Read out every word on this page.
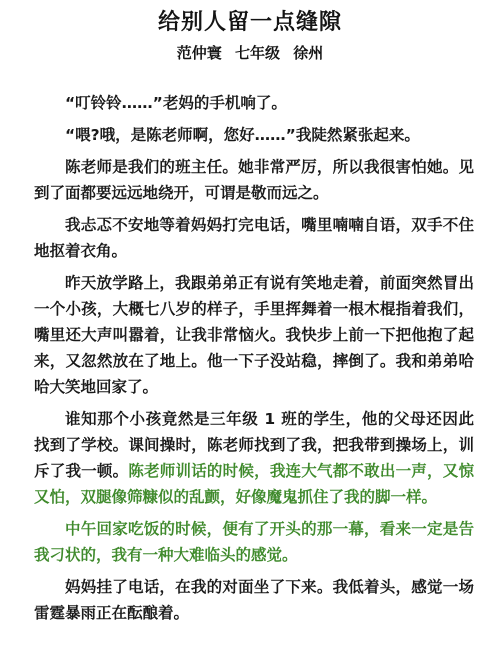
给别人留一点缝隙
范仲寰 七年级 徐州

“叮铃铃……”老妈的手机响了。

“喂?哦，是陈老师啊，您好……”我陡然紧张起来。

陈老师是我们的班主任。她非常严厉，所以我很害怕她。见到了面都要远远地绕开，可谓是敬而远之。

我忐忑不安地等着妈妈打完电话，嘴里喃喃自语，双手不住地抠着衣角。

昨天放学路上，我跟弟弟正有说有笑地走着，前面突然冒出一个小孩，大概七八岁的样子，手里挥舞着一根木棍指着我们，嘴里还大声叫嚣着，让我非常恼火。我快步上前一下把他抱了起来，又忽然放在了地上。他一下子没站稳，摔倒了。我和弟弟哈哈大笑地回家了。

谁知那个小孩竟然是三年级 1 班的学生，他的父母还因此找到了学校。课间操时，陈老师找到了我，把我带到操场上，训斥了我一顿。陈老师训话的时候，我连大气都不敢出一声，又惊又怕，双腿像筛糠似的乱颤，好像魔鬼抓住了我的脚一样。

中午回家吃饭的时候，便有了开头的那一幕，看来一定是告我刁状的，我有一种大难临头的感觉。

妈妈挂了电话，在我的对面坐了下来。我低着头，感觉一场雷霆暴雨正在酝酿着。
